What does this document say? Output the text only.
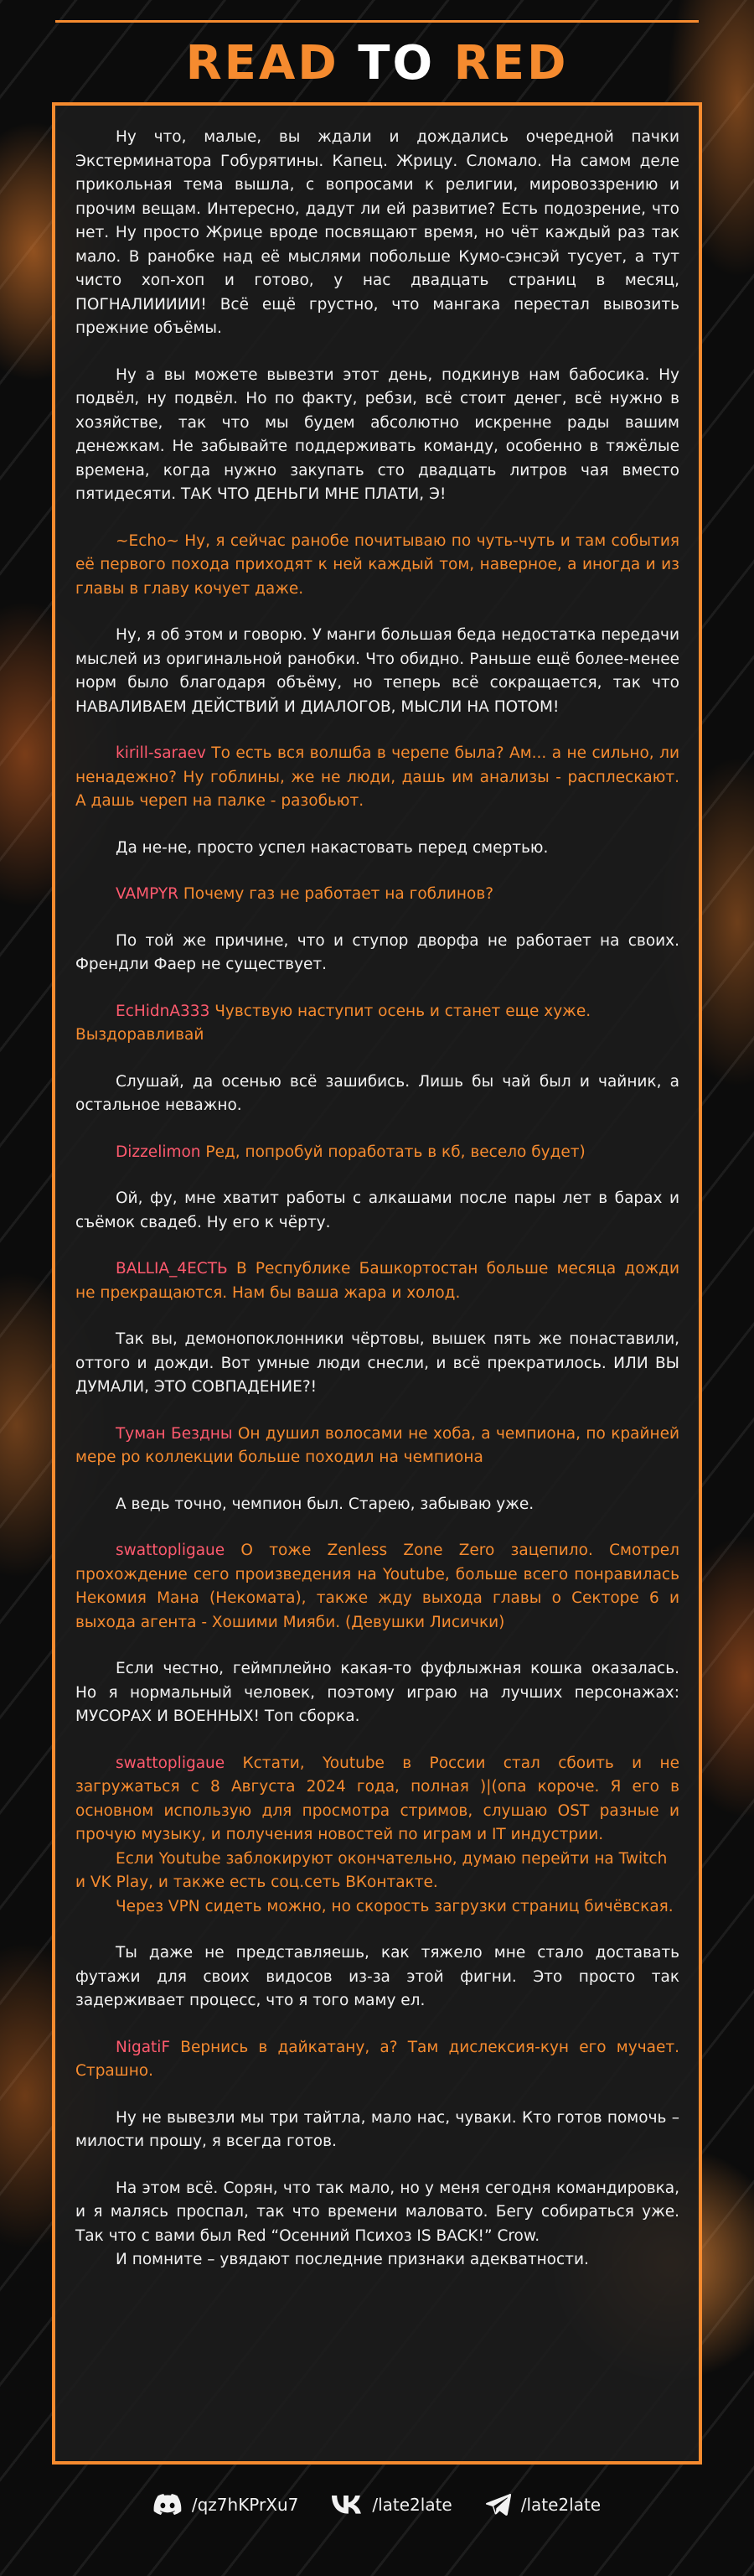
READ TO RED

Ну что, малые, вы ждали и дождались очередной пачки Экстерминатора Гобурятины. Капец. Жрицу. Сломало. На самом деле прикольная тема вышла, с вопросами к религии, мировоззрению и прочим вещам. Интересно, дадут ли ей развитие? Есть подозрение, что нет. Ну просто Жрице вроде посвящают время, но чёт каждый раз так мало. В ранобке над её мыслями побольше Кумо-сэнсэй тусует, а тут чисто хоп-хоп и готово, у нас двадцать страниц в месяц, ПОГНАЛИИИИИ! Всё ещё грустно, что мангака перестал вывозить прежние объёмы.

Ну а вы можете вывезти этот день, подкинув нам бабосика. Ну подвёл, ну подвёл. Но по факту, ребзи, всё стоит денег, всё нужно в хозяйстве, так что мы будем абсолютно искренне рады вашим денежкам. Не забывайте поддерживать команду, особенно в тяжёлые времена, когда нужно закупать сто двадцать литров чая вместо пятидесяти. ТАК ЧТО ДЕНЬГИ МНЕ ПЛАТИ, Э!

~Echo~ Ну, я сейчас ранобе почитываю по чуть-чуть и там события её первого похода приходят к ней каждый том, наверное, а иногда и из главы в главу кочует даже.

Ну, я об этом и говорю. У манги большая беда недостатка передачи мыслей из оригинальной ранобки. Что обидно. Раньше ещё более-менее норм было благодаря объёму, но теперь всё сокращается, так что НАВАЛИВАЕМ ДЕЙСТВИЙ И ДИАЛОГОВ, МЫСЛИ НА ПОТОМ!

kirill-saraev То есть вся волшба в черепе была? Ам... а не сильно, ли ненадежно? Ну гоблины, же не люди, дашь им анализы - расплескают. А дашь череп на палке - разобьют.

Да не-не, просто успел накастовать перед смертью.

VAMPYR Почему газ не работает на гоблинов?

По той же причине, что и ступор дворфа не работает на своих. Френдли Фаер не существует.

EcHidnA333 Чувствую наступит осень и станет еще хуже. Выздоравливай

Слушай, да осенью всё зашибись. Лишь бы чай был и чайник, а остальное неважно.

Dizzelimon Ред, попробуй поработать в кб, весело будет)

Ой, фу, мне хватит работы с алкашами после пары лет в барах и съёмок свадеб. Ну его к чёрту.

BALLIA_4ЕСТЬ В Республике Башкортостан больше месяца дожди не прекращаются. Нам бы ваша жара и холод.

Так вы, демонопоклонники чёртовы, вышек пять же понаставили, оттого и дожди. Вот умные люди снесли, и всё прекратилось. ИЛИ ВЫ ДУМАЛИ, ЭТО СОВПАДЕНИЕ?!

Туман Бездны Он душил волосами не хоба, а чемпиона, по крайней мере ро коллекции больше походил на чемпиона

А ведь точно, чемпион был. Старею, забываю уже.

swattopligaue О тоже Zenless Zone Zero зацепило. Смотрел прохождение сего произведения на Youtube, больше всего понравилась Некомия Мана (Некомата), также жду выхода главы о Секторе 6 и выхода агента - Хошими Мияби. (Девушки Лисички)

Если честно, геймплейно какая-то фуфлыжная кошка оказалась. Но я нормальный человек, поэтому играю на лучших персонажах: МУСОРАХ И ВОЕННЫХ! Топ сборка.

swattopligaue Кстати, Youtube в России стал сбоить и не загружаться с 8 Августа 2024 года, полная )|(опа короче. Я его в основном использую для просмотра стримов, слушаю OST разные и прочую музыку, и получения новостей по играм и IT индустрии.

Если Youtube заблокируют окончательно, думаю перейти на Twitch и VK Play, и также есть соц.сеть ВКонтакте.

Через VPN сидеть можно, но скорость загрузки страниц бичёвская.

Ты даже не представляешь, как тяжело мне стало доставать футажи для своих видосов из-за этой фигни. Это просто так задерживает процесс, что я того маму ел.

NigatiF Вернись в дайкатану, а? Там дислексия-кун его мучает. Страшно.

Ну не вывезли мы три тайтла, мало нас, чуваки. Кто готов помочь – милости прошу, я всегда готов.

На этом всё. Сорян, что так мало, но у меня сегодня командировка, и я малясь проспал, так что времени маловато. Бегу собираться уже. Так что с вами был Red “Осенний Психоз IS BACK!” Crow.

И помните – увядают последние признаки адекватности.

/qz7hKPrXu7	/late2late	/late2late
